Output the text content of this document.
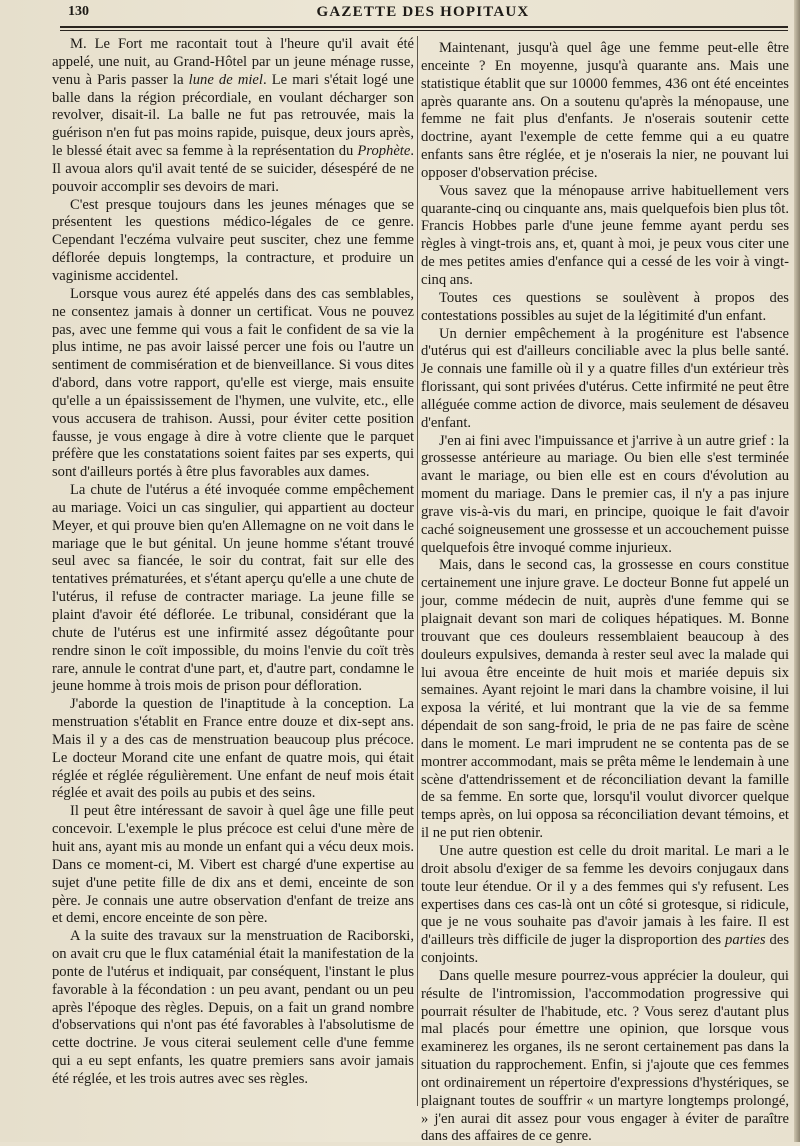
130	GAZETTE DES HOPITAUX

M. Le Fort me racontait tout à l'heure qu'il avait été appelé, une nuit, au Grand-Hôtel par un jeune ménage russe, venu à Paris passer la lune de miel. Le mari s'était logé une balle dans la région précordiale, en voulant décharger son revolver, disait-il. La balle ne fut pas retrouvée, mais la guérison n'en fut pas moins rapide, puisque, deux jours après, le blessé était avec sa femme à la représentation du Prophète. Il avoua alors qu'il avait tenté de se suicider, désespéré de ne pouvoir accomplir ses devoirs de mari.

C'est presque toujours dans les jeunes ménages que se présentent les questions médico-légales de ce genre. Cependant l'eczéma vulvaire peut susciter, chez une femme déflorée depuis longtemps, la contracture, et produire un vaginisme accidentel.

Lorsque vous aurez été appelés dans des cas semblables, ne consentez jamais à donner un certificat. Vous ne pouvez pas, avec une femme qui vous a fait le confident de sa vie la plus intime, ne pas avoir laissé percer une fois ou l'autre un sentiment de commisération et de bienveillance. Si vous dites d'abord, dans votre rapport, qu'elle est vierge, mais ensuite qu'elle a un épaississement de l'hymen, une vulvite, etc., elle vous accusera de trahison. Aussi, pour éviter cette position fausse, je vous engage à dire à votre cliente que le parquet préfère que les constatations soient faites par ses experts, qui sont d'ailleurs portés à être plus favorables aux dames.

La chute de l'utérus a été invoquée comme empêchement au mariage. Voici un cas singulier, qui appartient au docteur Meyer, et qui prouve bien qu'en Allemagne on ne voit dans le mariage que le but génital. Un jeune homme s'étant trouvé seul avec sa fiancée, le soir du contrat, fait sur elle des tentatives prématurées, et s'étant aperçu qu'elle a une chute de l'utérus, il refuse de contracter mariage. La jeune fille se plaint d'avoir été déflorée. Le tribunal, considérant que la chute de l'utérus est une infirmité assez dégoûtante pour rendre sinon le coït impossible, du moins l'envie du coït très rare, annule le contrat d'une part, et, d'autre part, condamne le jeune homme à trois mois de prison pour défloration.

J'aborde la question de l'inaptitude à la conception. La menstruation s'établit en France entre douze et dix-sept ans. Mais il y a des cas de menstruation beaucoup plus précoce. Le docteur Morand cite une enfant de quatre mois, qui était réglée et réglée régulièrement. Une enfant de neuf mois était réglée et avait des poils au pubis et des seins.

Il peut être intéressant de savoir à quel âge une fille peut concevoir. L'exemple le plus précoce est celui d'une mère de huit ans, ayant mis au monde un enfant qui a vécu deux mois. Dans ce moment-ci, M. Vibert est chargé d'une expertise au sujet d'une petite fille de dix ans et demi, enceinte de son père. Je connais une autre observation d'enfant de treize ans et demi, encore enceinte de son père.

A la suite des travaux sur la menstruation de Raciborski, on avait cru que le flux cataménial était la manifestation de la ponte de l'utérus et indiquait, par conséquent, l'instant le plus favorable à la fécondation : un peu avant, pendant ou un peu après l'époque des règles. Depuis, on a fait un grand nombre d'observations qui n'ont pas été favorables à l'absolutisme de cette doctrine. Je vous citerai seulement celle d'une femme qui a eu sept enfants, les quatre premiers sans avoir jamais été réglée, et les trois autres avec ses règles.

Maintenant, jusqu'à quel âge une femme peut-elle être enceinte ? En moyenne, jusqu'à quarante ans. Mais une statistique établit que sur 10000 femmes, 436 ont été enceintes après quarante ans. On a soutenu qu'après la ménopause, une femme ne fait plus d'enfants. Je n'oserais soutenir cette doctrine, ayant l'exemple de cette femme qui a eu quatre enfants sans être réglée, et je n'oserais la nier, ne pouvant lui opposer d'observation précise.

Vous savez que la ménopause arrive habituellement vers quarante-cinq ou cinquante ans, mais quelquefois bien plus tôt. Francis Hobbes parle d'une jeune femme ayant perdu ses règles à vingt-trois ans, et, quant à moi, je peux vous citer une de mes petites amies d'enfance qui a cessé de les voir à vingt-cinq ans.

Toutes ces questions se soulèvent à propos des contestations possibles au sujet de la légitimité d'un enfant.

Un dernier empêchement à la progéniture est l'absence d'utérus qui est d'ailleurs conciliable avec la plus belle santé. Je connais une famille où il y a quatre filles d'un extérieur très florissant, qui sont privées d'utérus. Cette infirmité ne peut être alléguée comme action de divorce, mais seulement de désaveu d'enfant.

J'en ai fini avec l'impuissance et j'arrive à un autre grief : la grossesse antérieure au mariage. Ou bien elle s'est terminée avant le mariage, ou bien elle est en cours d'évolution au moment du mariage. Dans le premier cas, il n'y a pas injure grave vis-à-vis du mari, en principe, quoique le fait d'avoir caché soigneusement une grossesse et un accouchement puisse quelquefois être invoqué comme injurieux.

Mais, dans le second cas, la grossesse en cours constitue certainement une injure grave. Le docteur Bonne fut appelé un jour, comme médecin de nuit, auprès d'une femme qui se plaignait devant son mari de coliques hépatiques. M. Bonne trouvant que ces douleurs ressemblaient beaucoup à des douleurs expulsives, demanda à rester seul avec la malade qui lui avoua être enceinte de huit mois et mariée depuis six semaines. Ayant rejoint le mari dans la chambre voisine, il lui exposa la vérité, et lui montrant que la vie de sa femme dépendait de son sang-froid, le pria de ne pas faire de scène dans le moment. Le mari imprudent ne se contenta pas de se montrer accommodant, mais se prêta même le lendemain à une scène d'attendrissement et de réconciliation devant la famille de sa femme. En sorte que, lorsqu'il voulut divorcer quelque temps après, on lui opposa sa réconciliation devant témoins, et il ne put rien obtenir.

Une autre question est celle du droit marital. Le mari a le droit absolu d'exiger de sa femme les devoirs conjugaux dans toute leur étendue. Or il y a des femmes qui s'y refusent. Les expertises dans ces cas-là ont un côté si grotesque, si ridicule, que je ne vous souhaite pas d'avoir jamais à les faire. Il est d'ailleurs très difficile de juger la disproportion des parties des conjoints.

Dans quelle mesure pourrez-vous apprécier la douleur, qui résulte de l'intromission, l'accommodation progressive qui pourrait résulter de l'habitude, etc. ? Vous serez d'autant plus mal placés pour émettre une opinion, que lorsque vous examinerez les organes, ils ne seront certainement pas dans la situation du rapprochement. Enfin, si j'ajoute que ces femmes ont ordinairement un répertoire d'expressions d'hystériques, se plaignant toutes de souffrir « un martyre longtemps prolongé, » j'en aurai dit assez pour vous engager à éviter de paraître dans des affaires de ce genre.
